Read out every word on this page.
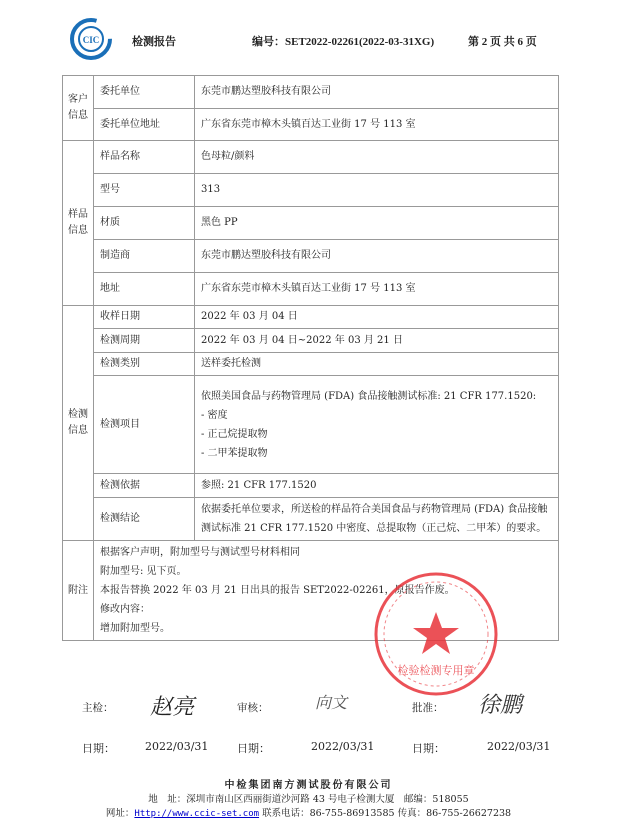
CIC	检测报告	编号：SET2022-02261(2022-03-31XG)	第 2 页 共 6 页
客户
信息	委托单位	东莞市鹏达塑胶科技有限公司
	委托单位地址	广东省东莞市樟木头镇百达工业街 17 号 113 室
样品
信息	样品名称	色母粒/颜料
	型号	313
	材质	黑色 PP
	制造商	东莞市鹏达塑胶科技有限公司
	地址	广东省东莞市樟木头镇百达工业街 17 号 113 室
检测
信息	收样日期	2022 年 03 月 04 日
	检测周期	2022 年 03 月 04 日~2022 年 03 月 21 日
	检测类别	送样委托检测
	检测项目	依照美国食品与药物管理局 (FDA) 食品接触测试标准: 21 CFR 177.1520:
- 密度
- 正己烷提取物
- 二甲苯提取物

	检测依据	参照: 21 CFR 177.1520
	检测结论	依据委托单位要求，所送检的样品符合美国食品与药物管理局 (FDA) 食品接触测试标准 21 CFR 177.1520 中密度、总提取物（正己烷、二甲苯）的要求。
附注	根据客户声明，附加型号与测试型号材料相同
附加型号: 见下页。
本报告替换 2022 年 03 月 21 日出具的报告 SET2022-02261，原报告作废。
修改内容：
增加附加型号。	
检验检测专用章
主检： 赵亮	审核：	向文	批准： 徐鹏
日期：	2022/03/31	日期：	2022/03/31	日期：	2022/03/31
中检集团南方测试股份有限公司
地　址：深圳市南山区西丽街道沙河路 43 号电子检测大厦　邮编：518055
网址：Http://www.ccic-set.com 联系电话：86-755-86913585 传真：86-755-26627238
